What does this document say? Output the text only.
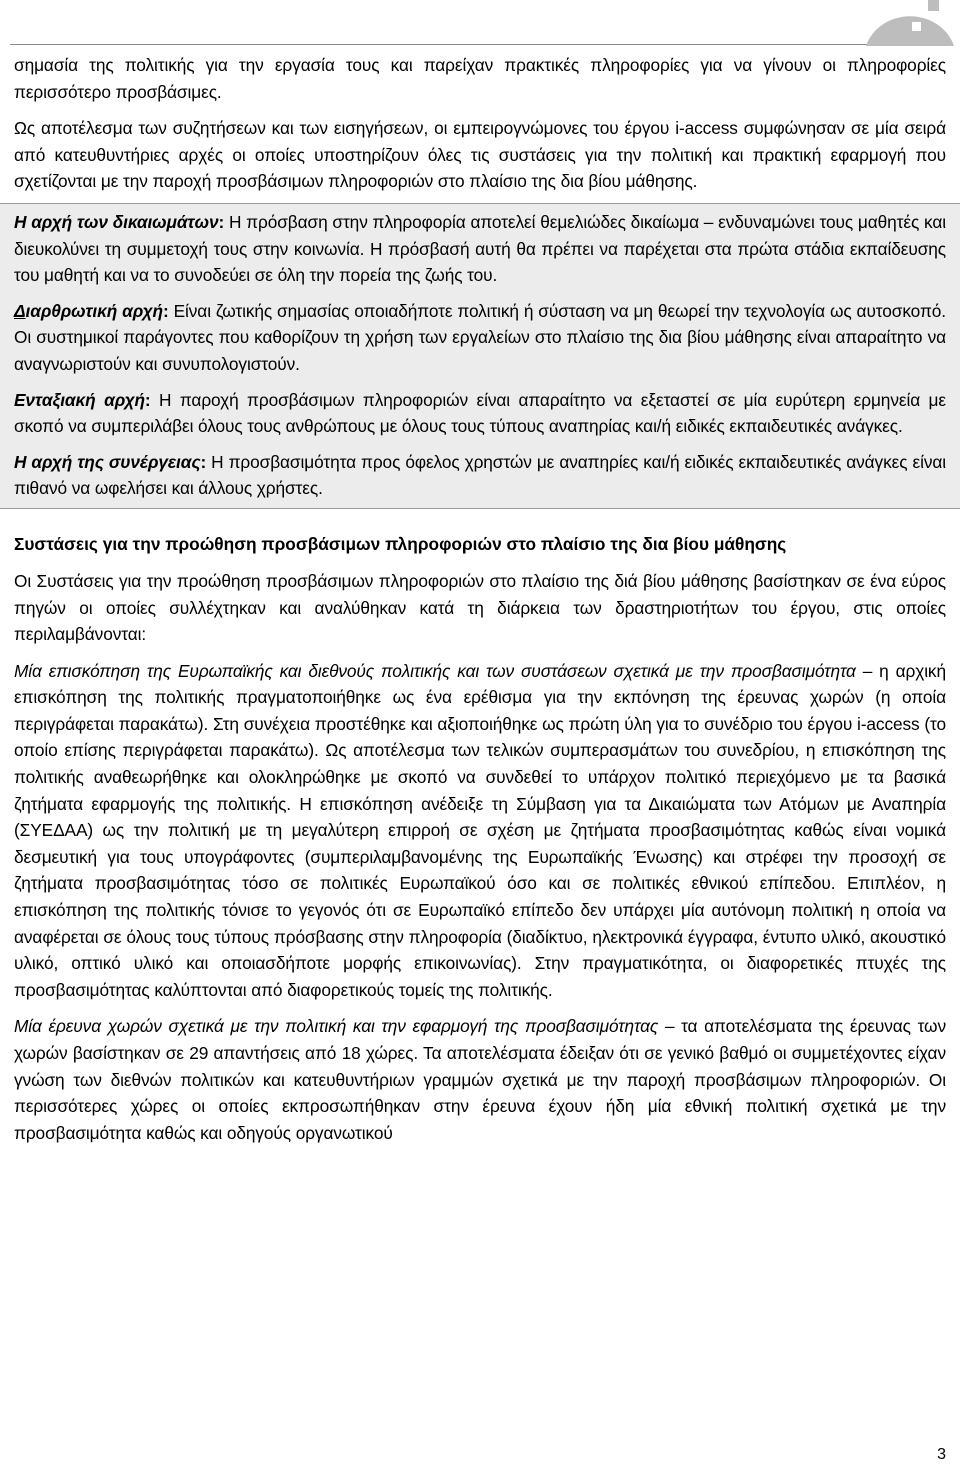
σημασία της πολιτικής για την εργασία τους και παρείχαν πρακτικές πληροφορίες για να γίνουν οι πληροφορίες περισσότερο προσβάσιμες.

Ως αποτέλεσμα των συζητήσεων και των εισηγήσεων, οι εμπειρογνώμονες του έργου i-access συμφώνησαν σε μία σειρά από κατευθυντήριες αρχές οι οποίες υποστηρίζουν όλες τις συστάσεις για την πολιτική και πρακτική εφαρμογή που σχετίζονται με την παροχή προσβάσιμων πληροφοριών στο πλαίσιο της δια βίου μάθησης.

Η αρχή των δικαιωμάτων: Η πρόσβαση στην πληροφορία αποτελεί θεμελιώδες δικαίωμα – ενδυναμώνει τους μαθητές και διευκολύνει τη συμμετοχή τους στην κοινωνία. Η πρόσβασή αυτή θα πρέπει να παρέχεται στα πρώτα στάδια εκπαίδευσης του μαθητή και να το συνοδεύει σε όλη την πορεία της ζωής του.

Διαρθρωτική αρχή: Είναι ζωτικής σημασίας οποιαδήποτε πολιτική ή σύσταση να μη θεωρεί την τεχνολογία ως αυτοσκοπό. Οι συστημικοί παράγοντες που καθορίζουν τη χρήση των εργαλείων στο πλαίσιο της δια βίου μάθησης είναι απαραίτητο να αναγνωριστούν και συνυπολογιστούν.

Ενταξιακή αρχή: Η παροχή προσβάσιμων πληροφοριών είναι απαραίτητο να εξεταστεί σε μία ευρύτερη ερμηνεία με σκοπό να συμπεριλάβει όλους τους ανθρώπους με όλους τους τύπους αναπηρίας και/ή ειδικές εκπαιδευτικές ανάγκες.

Η αρχή της συνέργειας: Η προσβασιμότητα προς όφελος χρηστών με αναπηρίες και/ή ειδικές εκπαιδευτικές ανάγκες είναι πιθανό να ωφελήσει και άλλους χρήστες.

Συστάσεις για την προώθηση προσβάσιμων πληροφοριών στο πλαίσιο της δια βίου μάθησης

Οι Συστάσεις για την προώθηση προσβάσιμων πληροφοριών στο πλαίσιο της διά βίου μάθησης βασίστηκαν σε ένα εύρος πηγών οι οποίες συλλέχτηκαν και αναλύθηκαν κατά τη διάρκεια των δραστηριοτήτων του έργου, στις οποίες περιλαμβάνονται:

Μία επισκόπηση της Ευρωπαϊκής και διεθνούς πολιτικής και των συστάσεων σχετικά με την προσβασιμότητα – η αρχική επισκόπηση της πολιτικής πραγματοποιήθηκε ως ένα ερέθισμα για την εκπόνηση της έρευνας χωρών (η οποία περιγράφεται παρακάτω). Στη συνέχεια προστέθηκε και αξιοποιήθηκε ως πρώτη ύλη για το συνέδριο του έργου i-access (το οποίο επίσης περιγράφεται παρακάτω). Ως αποτέλεσμα των τελικών συμπερασμάτων του συνεδρίου, η επισκόπηση της πολιτικής αναθεωρήθηκε και ολοκληρώθηκε με σκοπό να συνδεθεί το υπάρχον πολιτικό περιεχόμενο με τα βασικά ζητήματα εφαρμογής της πολιτικής. Η επισκόπηση ανέδειξε τη Σύμβαση για τα Δικαιώματα των Ατόμων με Αναπηρία (ΣΥΕΔΑΑ) ως την πολιτική με τη μεγαλύτερη επιρροή σε σχέση με ζητήματα προσβασιμότητας καθώς είναι νομικά δεσμευτική για τους υπογράφοντες (συμπεριλαμβανομένης της Ευρωπαϊκής Ένωσης) και στρέφει την προσοχή σε ζητήματα προσβασιμότητας τόσο σε πολιτικές Ευρωπαϊκού όσο και σε πολιτικές εθνικού επίπεδου. Επιπλέον, η επισκόπηση της πολιτικής τόνισε το γεγονός ότι σε Ευρωπαϊκό επίπεδο δεν υπάρχει μία αυτόνομη πολιτική η οποία να αναφέρεται σε όλους τους τύπους πρόσβασης στην πληροφορία (διαδίκτυο, ηλεκτρονικά έγγραφα, έντυπο υλικό, ακουστικό υλικό, οπτικό υλικό και οποιασδήποτε μορφής επικοινωνίας). Στην πραγματικότητα, οι διαφορετικές πτυχές της προσβασιμότητας καλύπτονται από διαφορετικούς τομείς της πολιτικής.

Μία έρευνα χωρών σχετικά με την πολιτική και την εφαρμογή της προσβασιμότητας – τα αποτελέσματα της έρευνας των χωρών βασίστηκαν σε 29 απαντήσεις από 18 χώρες. Τα αποτελέσματα έδειξαν ότι σε γενικό βαθμό οι συμμετέχοντες είχαν γνώση των διεθνών πολιτικών και κατευθυντήριων γραμμών σχετικά με την παροχή προσβάσιμων πληροφοριών. Οι περισσότερες χώρες οι οποίες εκπροσωπήθηκαν στην έρευνα έχουν ήδη μία εθνική πολιτική σχετικά με την προσβασιμότητα καθώς και οδηγούς οργανωτικού

3
